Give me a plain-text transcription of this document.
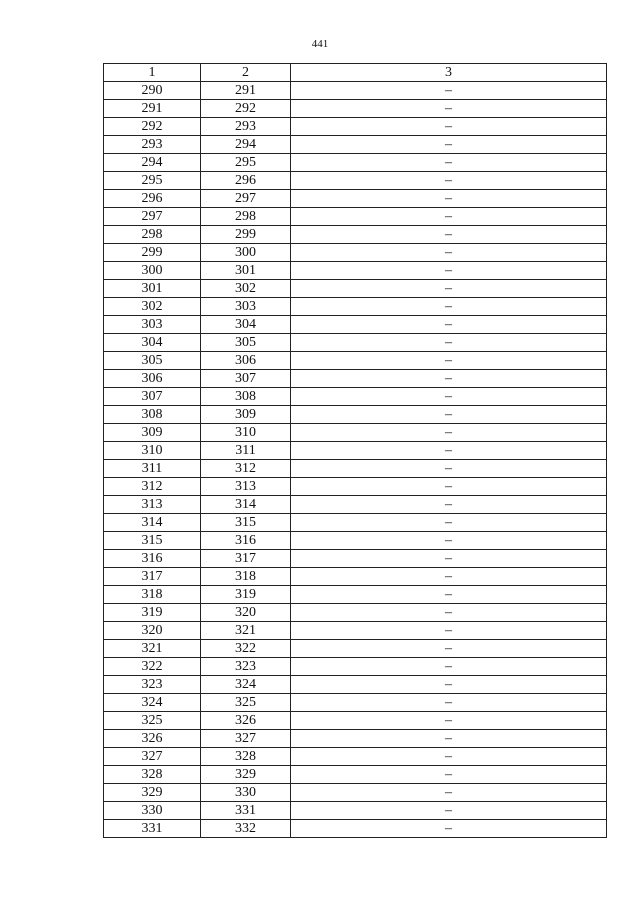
441
1	2	3
290	291	–
291	292	–
292	293	–
293	294	–
294	295	–
295	296	–
296	297	–
297	298	–
298	299	–
299	300	–
300	301	–
301	302	–
302	303	–
303	304	–
304	305	–
305	306	–
306	307	–
307	308	–
308	309	–
309	310	–
310	311	–
311	312	–
312	313	–
313	314	–
314	315	–
315	316	–
316	317	–
317	318	–
318	319	–
319	320	–
320	321	–
321	322	–
322	323	–
323	324	–
324	325	–
325	326	–
326	327	–
327	328	–
328	329	–
329	330	–
330	331	–
331	332	–
